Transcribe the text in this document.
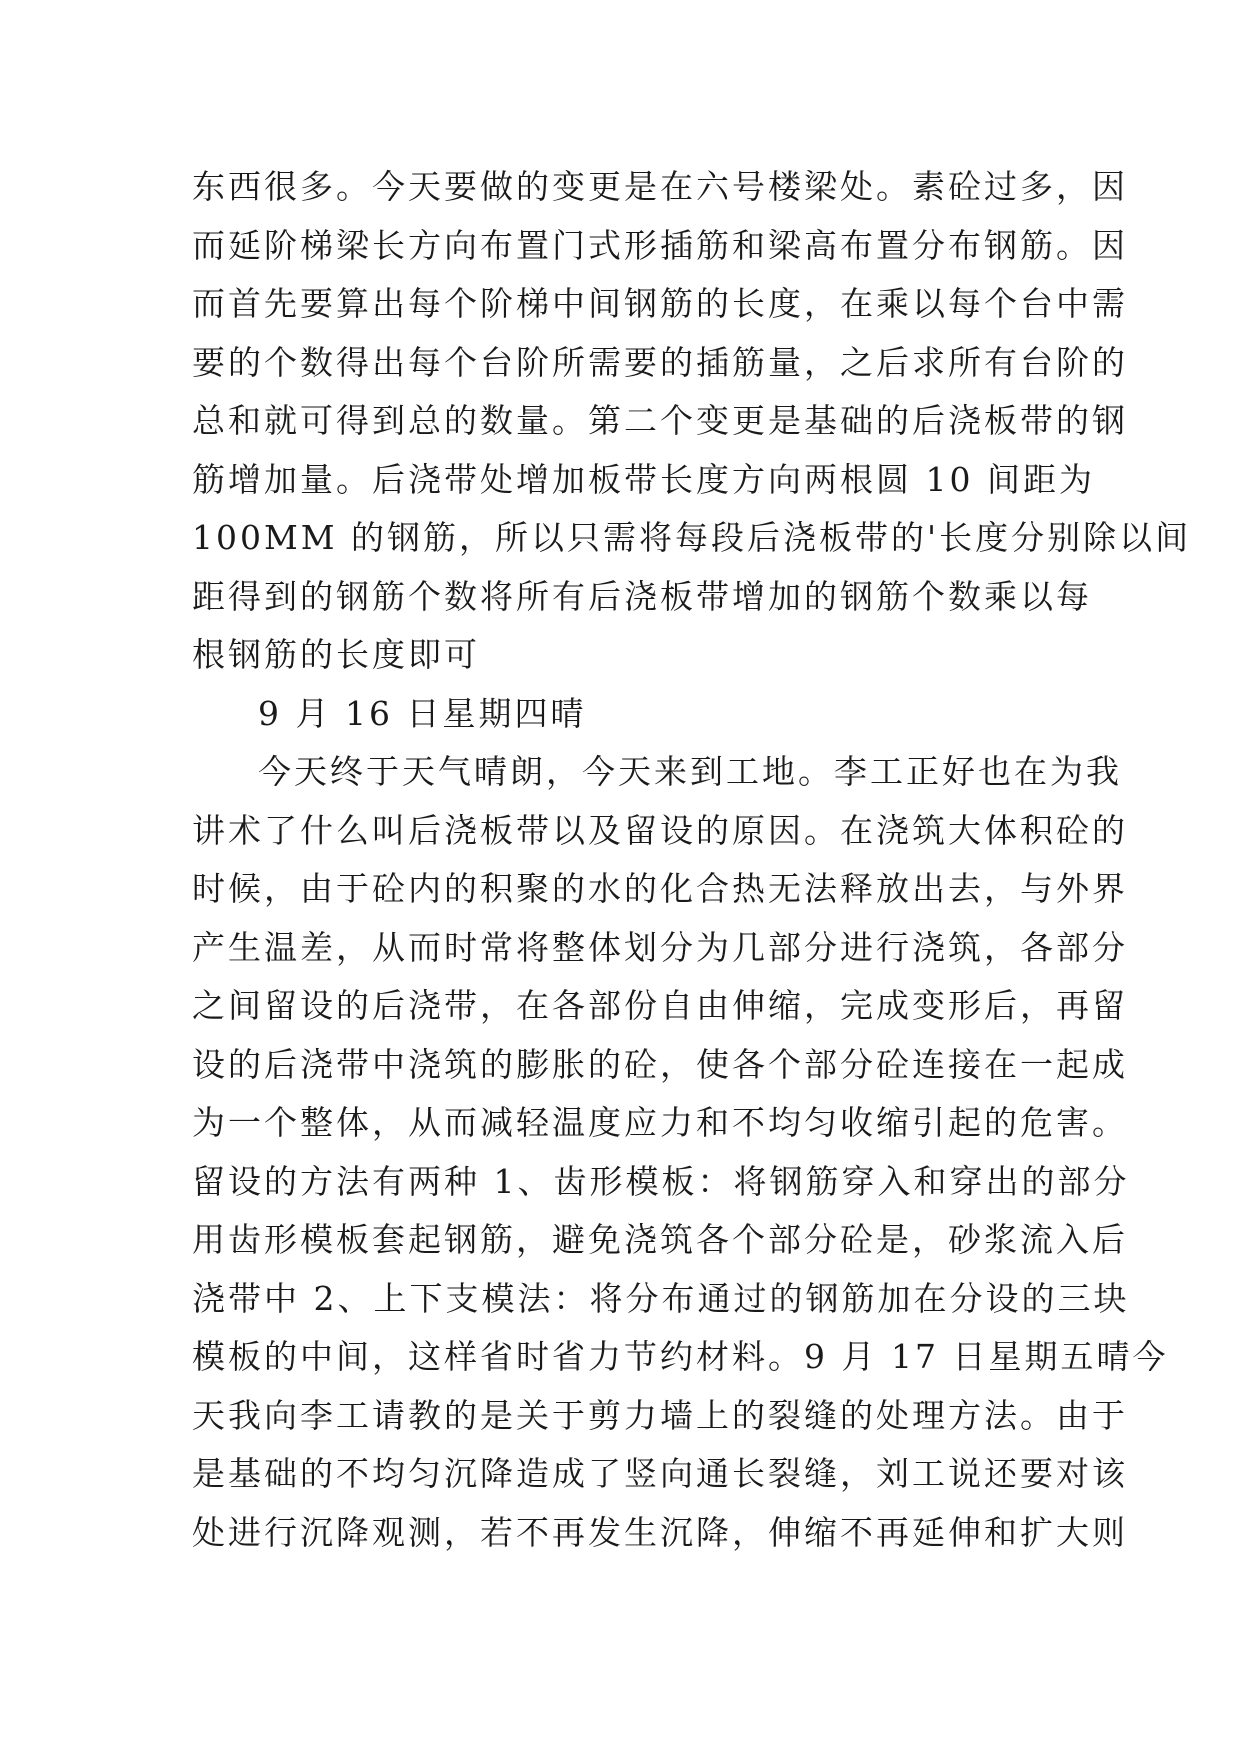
东西很多。今天要做的变更是在六号楼梁处。素砼过多，因
而延阶梯梁长方向布置门式形插筋和梁高布置分布钢筋。因
而首先要算出每个阶梯中间钢筋的长度，在乘以每个台中需
要的个数得出每个台阶所需要的插筋量，之后求所有台阶的
总和就可得到总的数量。第二个变更是基础的后浇板带的钢
筋增加量。后浇带处增加板带长度方向两根圆 10 间距为
100MM 的钢筋，所以只需将每段后浇板带的'长度分别除以间
距得到的钢筋个数将所有后浇板带增加的钢筋个数乘以每
根钢筋的长度即可
9 月 16 日星期四晴
今天终于天气晴朗，今天来到工地。李工正好也在为我
讲术了什么叫后浇板带以及留设的原因。在浇筑大体积砼的
时候，由于砼内的积聚的水的化合热无法释放出去，与外界
产生温差，从而时常将整体划分为几部分进行浇筑，各部分
之间留设的后浇带，在各部份自由伸缩，完成变形后，再留
设的后浇带中浇筑的膨胀的砼，使各个部分砼连接在一起成
为一个整体，从而减轻温度应力和不均匀收缩引起的危害。
留设的方法有两种 1、齿形模板：将钢筋穿入和穿出的部分
用齿形模板套起钢筋，避免浇筑各个部分砼是，砂浆流入后
浇带中 2、上下支模法：将分布通过的钢筋加在分设的三块
模板的中间，这样省时省力节约材料。9 月 17 日星期五晴今
天我向李工请教的是关于剪力墙上的裂缝的处理方法。由于
是基础的不均匀沉降造成了竖向通长裂缝，刘工说还要对该
处进行沉降观测，若不再发生沉降，伸缩不再延伸和扩大则
